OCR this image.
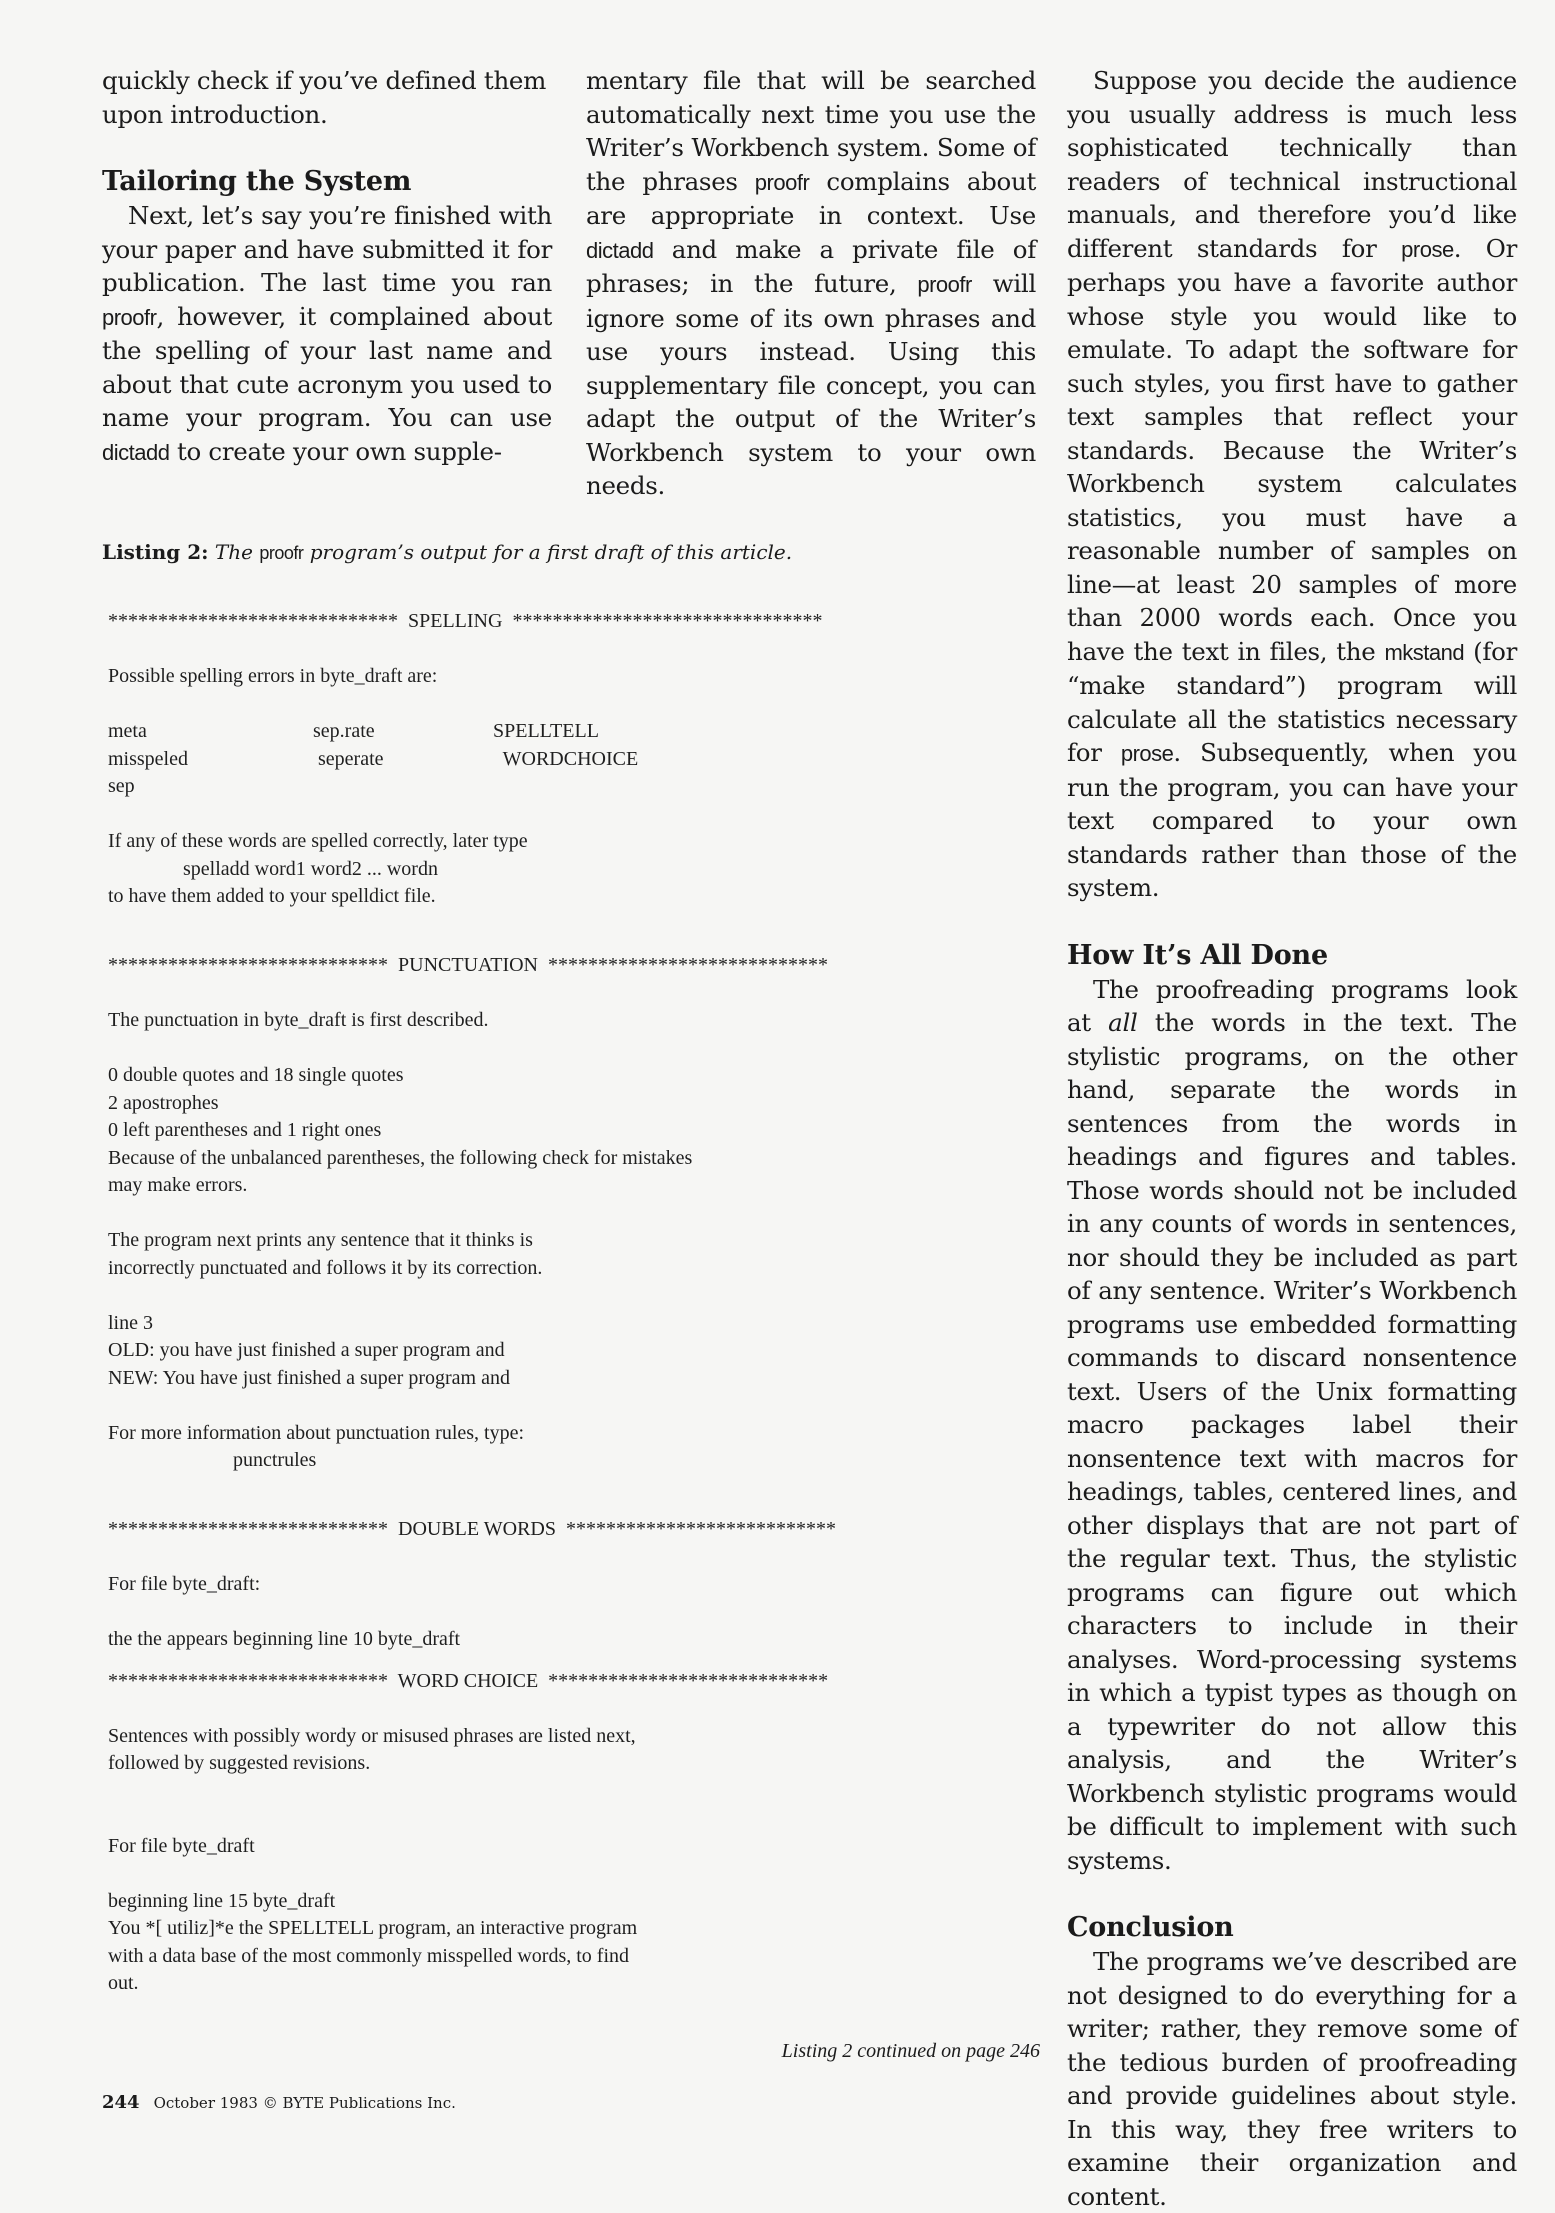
quickly check if you’ve defined them upon introduction.

Tailoring the System

Next, let’s say you’re finished with your paper and have submitted it for publication. The last time you ran proofr, however, it complained about the spelling of your last name and about that cute acronym you used to name your program. You can use dictadd to create your own supple-

mentary file that will be searched automatically next time you use the Writer’s Workbench system. Some of the phrases proofr complains about are appropriate in context. Use dictadd and make a private file of phrases; in the future, proofr will ignore some of its own phrases and use yours instead. Using this supplementary file concept, you can adapt the output of the Writer’s Workbench system to your own needs.

Suppose you decide the audience you usually address is much less sophisticated technically than readers of technical instructional manuals, and therefore you’d like different standards for prose. Or perhaps you have a favorite author whose style you would like to emulate. To adapt the software for such styles, you first have to gather text samples that reflect your standards. Because the Writer’s Workbench system calculates statistics, you must have a reasonable number of samples on line—at least 20 samples of more than 2000 words each. Once you have the text in files, the mkstand (for “make standard”) program will calculate all the statistics necessary for prose. Subsequently, when you run the program, you can have your text compared to your own standards rather than those of the system.

How It’s All Done

The proofreading programs look at all the words in the text. The stylistic programs, on the other hand, separate the words in sentences from the words in headings and figures and tables. Those words should not be included in any counts of words in sentences, nor should they be included as part of any sentence. Writer’s Workbench programs use embedded formatting commands to discard nonsentence text. Users of the Unix formatting macro packages label their nonsentence text with macros for headings, tables, centered lines, and other displays that are not part of the regular text. Thus, the stylistic programs can figure out which characters to include in their analyses. Word-processing systems in which a typist types as though on a typewriter do not allow this analysis, and the Writer’s Workbench stylistic programs would be difficult to implement with such systems.

Conclusion

The programs we’ve described are not designed to do everything for a writer; rather, they remove some of the tedious burden of proofreading and provide guidelines about style. In this way, they free writers to examine their organization and content.

Listing 2: The proofr program’s output for a first draft of this article.
*****************************  SPELLING  *******************************
Possible spelling errors in byte_draft are:
meta	sep.rate	SPELLTELL
misspeled	seperate	WORDCHOICE
sep
If any of these words are spelled correctly, later type
spelladd word1 word2 ... wordn
to have them added to your spelldict file.
****************************  PUNCTUATION  ****************************
The punctuation in byte_draft is first described.
0 double quotes and 18 single quotes
2 apostrophes
0 left parentheses and 1 right ones
Because of the unbalanced parentheses, the following check for mistakes
may make errors.
The program next prints any sentence that it thinks is
incorrectly punctuated and follows it by its correction.
line 3
OLD: you have just finished a super program and
NEW: You have just finished a super program and
For more information about punctuation rules, type:
punctrules
****************************  DOUBLE WORDS  ***************************
For file byte_draft:
the the appears beginning line 10 byte_draft
****************************  WORD CHOICE  ****************************
Sentences with possibly wordy or misused phrases are listed next,
followed by suggested revisions.
For file byte_draft
beginning line 15 byte_draft
You *[ utiliz]*e the SPELLTELL program, an interactive program
with a data base of the most commonly misspelled words, to find
out.
Listing 2 continued on page 246
244 October 1983 © BYTE Publications Inc.
